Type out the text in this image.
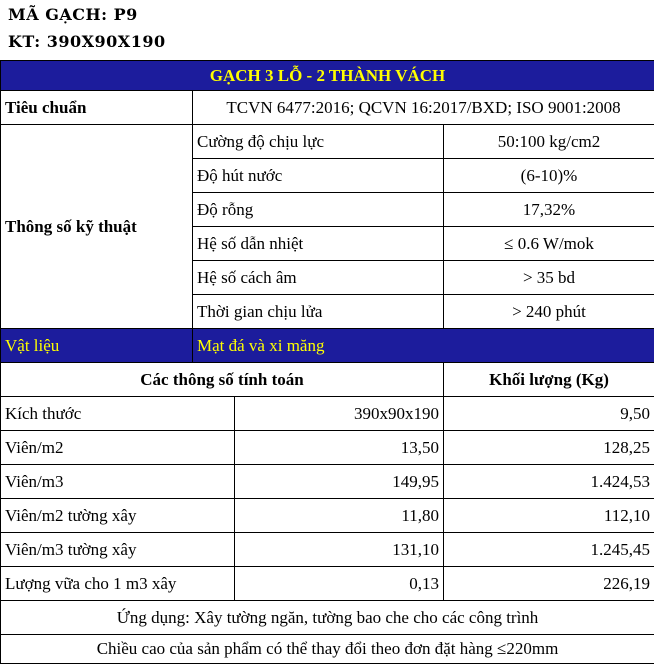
MÃ GẠCH: P9
KT: 390X90X190
GẠCH 3 LỖ - 2 THÀNH VÁCH			
Tiêu chuẩn	TCVN 6477:2016; QCVN 16:2017/BXD; ISO 9001:2008		
Thông số kỹ thuật	Cường độ chịu lực		50:100 kg/cm2
	Độ hút nước		(6-10)%
	Độ rỗng		17,32%
	Hệ số dẫn nhiệt		≤ 0.6 W/mok
	Hệ số cách âm		> 35 bd
	Thời gian chịu lửa		> 240 phút
Vật liệu	Mạt đá và xi măng		
Các thông số tính toán			Khối lượng (Kg)
Kích thước		390x90x190	9,50
Viên/m2		13,50	128,25
Viên/m3		149,95	1.424,53
Viên/m2 tường xây		11,80	112,10
Viên/m3 tường xây		131,10	1.245,45
Lượng vữa cho 1 m3 xây		0,13	226,19
Ứng dụng: Xây tường ngăn, tường bao che cho các công trình			
Chiều cao của sản phẩm có thể thay đổi theo đơn đặt hàng ≤220mm			
